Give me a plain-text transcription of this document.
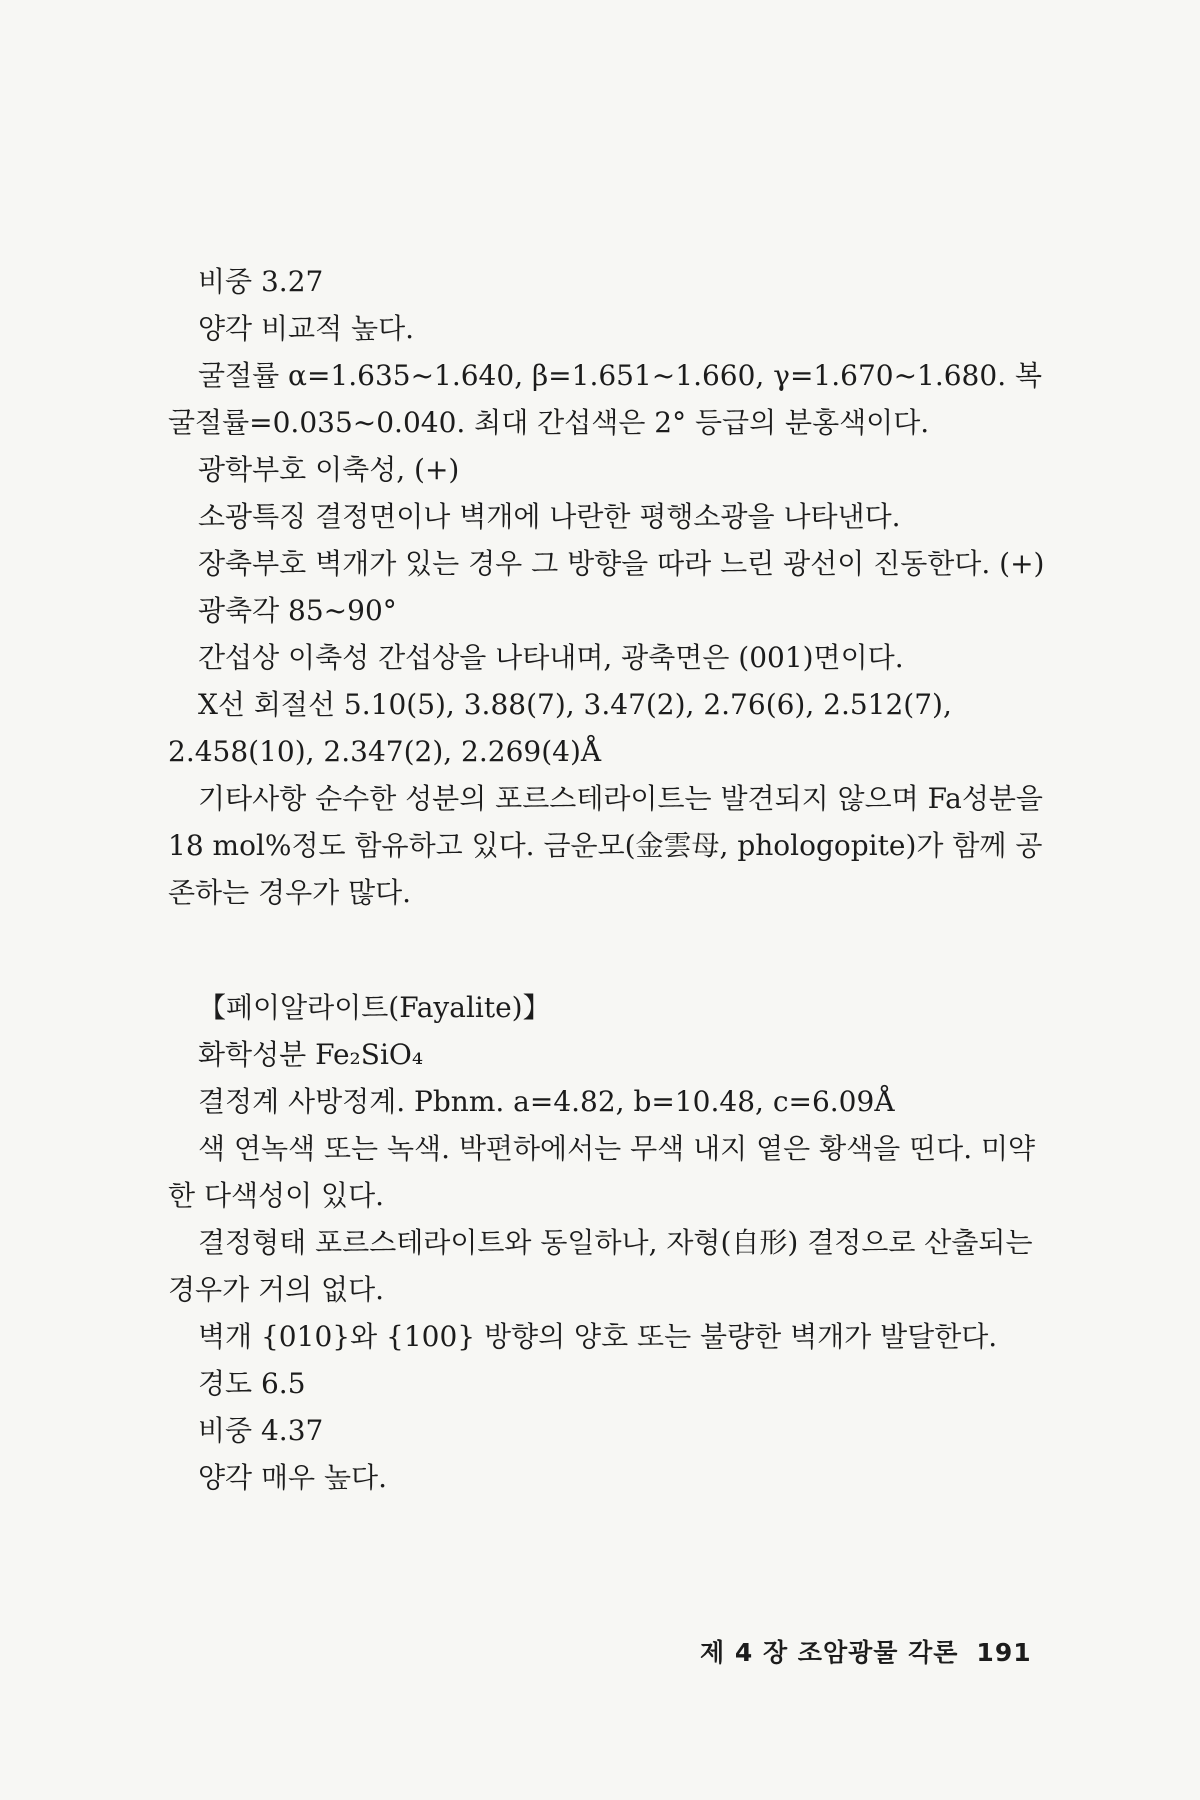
비중 3.27

양각 비교적 높다.

굴절률 α=1.635~1.640, β=1.651~1.660, γ=1.670~1.680. 복굴절률=0.035~0.040. 최대 간섭색은 2° 등급의 분홍색이다.

광학부호 이축성, (+)

소광특징 결정면이나 벽개에 나란한 평행소광을 나타낸다.

장축부호 벽개가 있는 경우 그 방향을 따라 느린 광선이 진동한다. (+)

광축각 85~90°

간섭상 이축성 간섭상을 나타내며, 광축면은 (001)면이다.

X선 회절선 5.10(5), 3.88(7), 3.47(2), 2.76(6), 2.512(7), 2.458(10), 2.347(2), 2.269(4)Å

기타사항 순수한 성분의 포르스테라이트는 발견되지 않으며 Fa성분을 18 mol%정도 함유하고 있다. 금운모(金雲母, phologopite)가 함께 공존하는 경우가 많다.

【페이알라이트(Fayalite)】

화학성분 Fe₂SiO₄

결정계 사방정계. Pbnm. a=4.82, b=10.48, c=6.09Å

색 연녹색 또는 녹색. 박편하에서는 무색 내지 옅은 황색을 띤다. 미약한 다색성이 있다.

결정형태 포르스테라이트와 동일하나, 자형(自形) 결정으로 산출되는 경우가 거의 없다.

벽개 {010}와 {100} 방향의 양호 또는 불량한 벽개가 발달한다.

경도 6.5

비중 4.37

양각 매우 높다.

제 4 장 조암광물 각론 191
